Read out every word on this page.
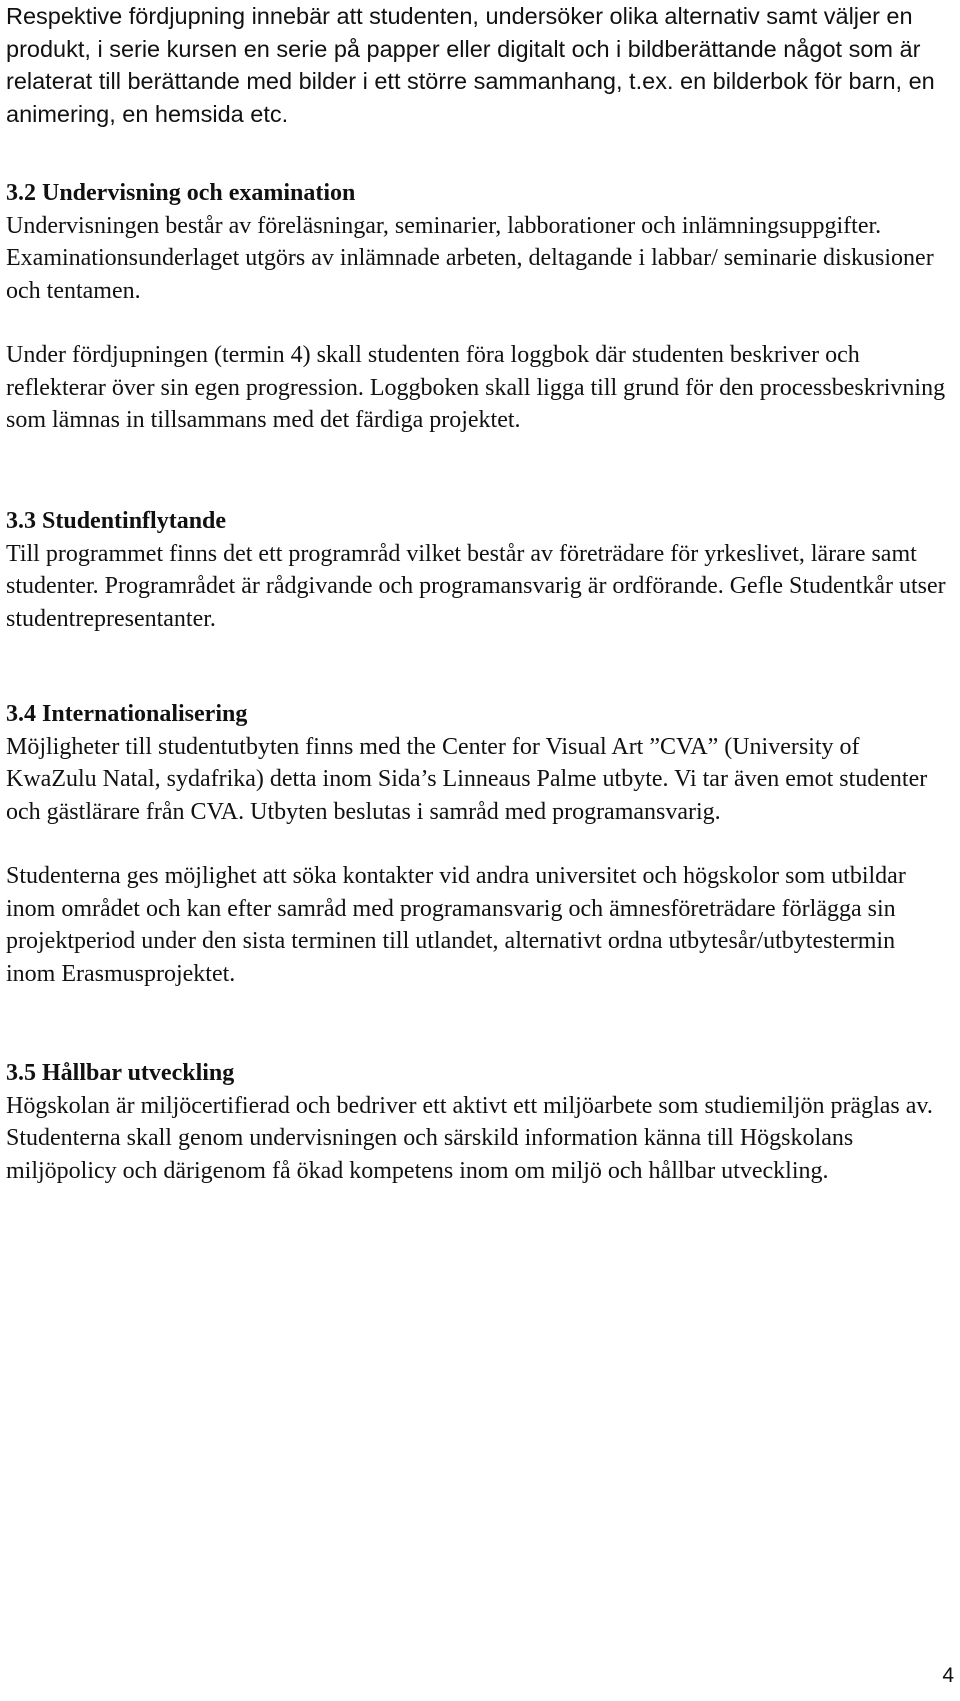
Respektive fördjupning innebär att studenten, undersöker olika alternativ samt väljer en produkt, i serie kursen en serie på papper eller digitalt och i bildberättande något som är relaterat till berättande med bilder i ett större sammanhang, t.ex. en bilderbok för barn, en animering, en hemsida etc.

3.2 Undervisning och examination

Undervisningen består av föreläsningar, seminarier, labborationer och inlämningsuppgifter. Examinationsunderlaget utgörs av inlämnade arbeten, deltagande i labbar/ seminarie diskusioner och tentamen.

Under fördjupningen (termin 4) skall studenten föra loggbok där studenten beskriver och reflekterar över sin egen progression. Loggboken skall ligga till grund för den processbeskrivning som lämnas in tillsammans med det färdiga projektet.

3.3 Studentinflytande

Till programmet finns det ett programråd vilket består av företrädare för yrkeslivet, lärare samt studenter. Programrådet är rådgivande och programansvarig är ordförande. Gefle Studentkår utser studentrepresentanter.

3.4 Internationalisering

Möjligheter till studentutbyten finns med the Center for Visual Art ”CVA” (University of KwaZulu Natal, sydafrika) detta inom Sida’s Linneaus Palme utbyte. Vi tar även emot studenter och gästlärare från CVA. Utbyten beslutas i samråd med programansvarig.

Studenterna ges möjlighet att söka kontakter vid andra universitet och högskolor som utbildar inom området och kan efter samråd med programansvarig och ämnesföreträdare förlägga sin projektperiod under den sista terminen till utlandet, alternativt ordna utbytesår/utbytestermin inom Erasmusprojektet.

3.5 Hållbar utveckling

Högskolan är miljöcertifierad och bedriver ett aktivt ett miljöarbete som studiemiljön präglas av. Studenterna skall genom undervisningen och särskild information känna till Högskolans miljöpolicy och därigenom få ökad kompetens inom om miljö och hållbar utveckling.

4
